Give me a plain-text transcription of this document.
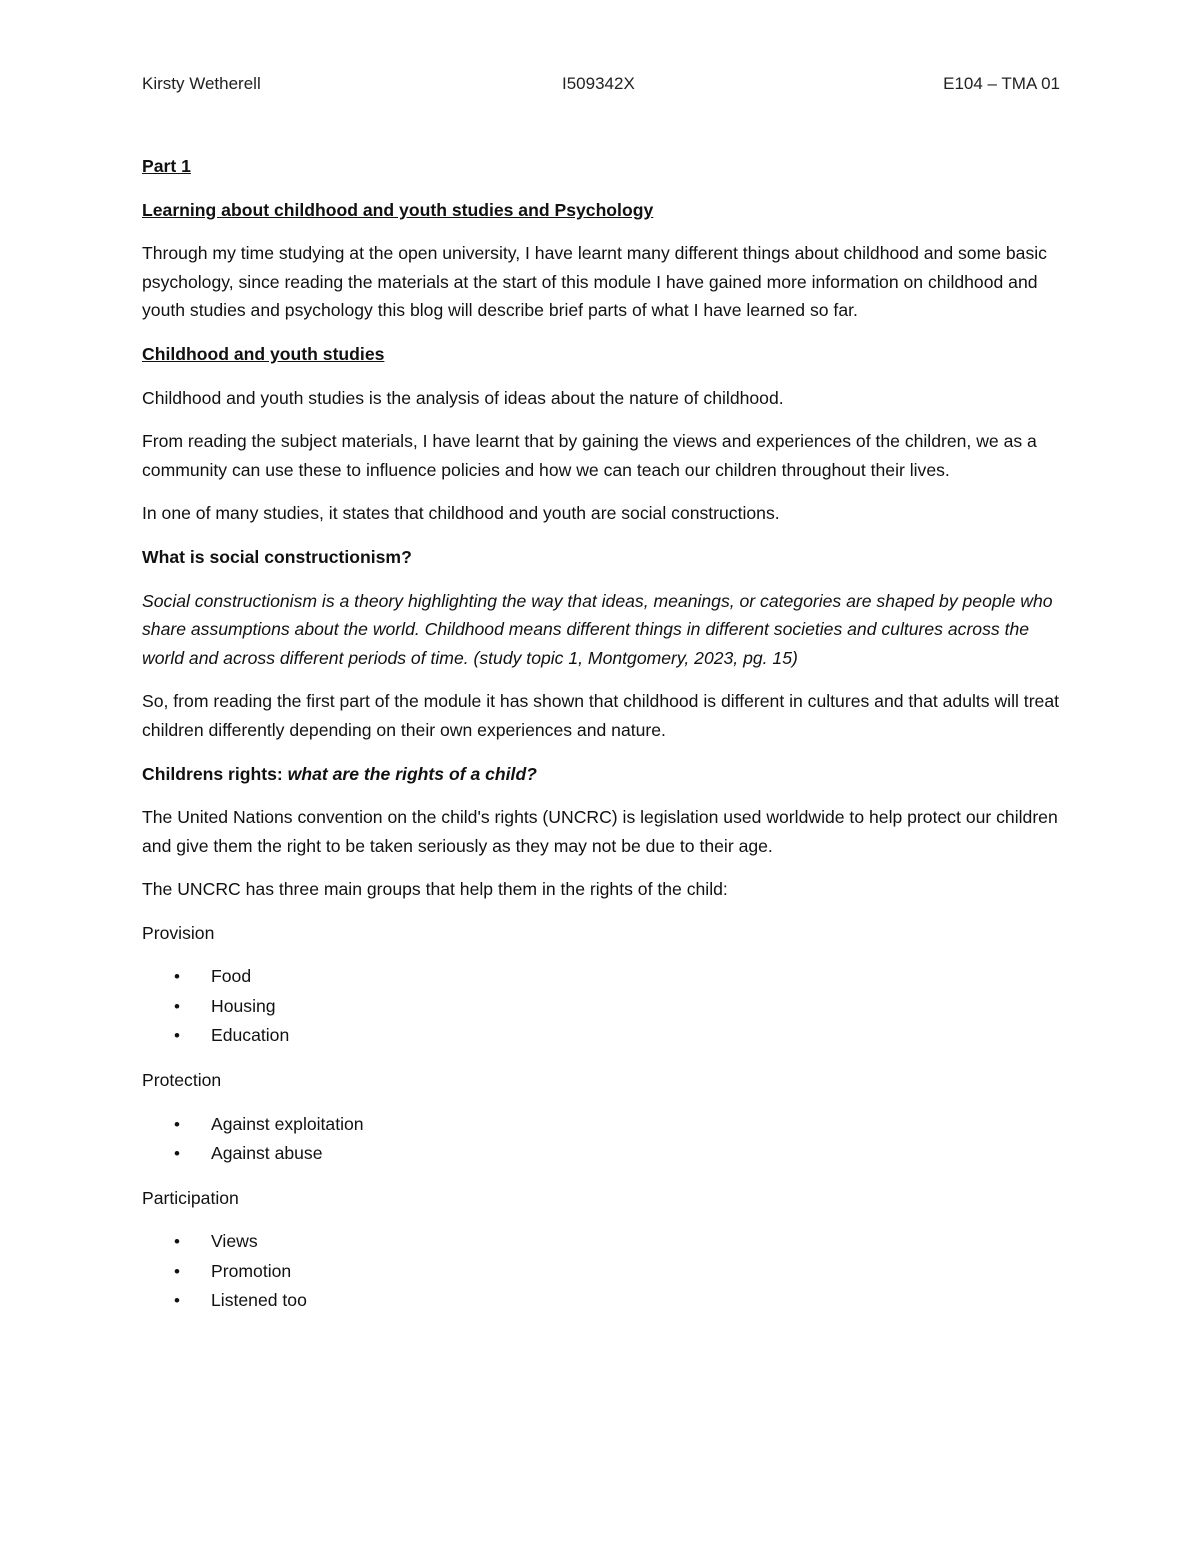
Kirsty Wetherell	I509342X	E104 – TMA 01

Part 1

Learning about childhood and youth studies and Psychology

Through my time studying at the open university, I have learnt many different things about childhood and some basic psychology, since reading the materials at the start of this module I have gained more information on childhood and youth studies and psychology this blog will describe brief parts of what I have learned so far.

Childhood and youth studies

Childhood and youth studies is the analysis of ideas about the nature of childhood.

From reading the subject materials, I have learnt that by gaining the views and experiences of the children, we as a community can use these to influence policies and how we can teach our children throughout their lives.

In one of many studies, it states that childhood and youth are social constructions.

What is social constructionism?

Social constructionism is a theory highlighting the way that ideas, meanings, or categories are shaped by people who share assumptions about the world. Childhood means different things in different societies and cultures across the world and across different periods of time. (study topic 1, Montgomery, 2023, pg. 15)

So, from reading the first part of the module it has shown that childhood is different in cultures and that adults will treat children differently depending on their own experiences and nature.

Childrens rights: what are the rights of a child?

The United Nations convention on the child's rights (UNCRC) is legislation used worldwide to help protect our children and give them the right to be taken seriously as they may not be due to their age.

The UNCRC has three main groups that help them in the rights of the child:

Provision

• Food
• Housing
• Education

Protection

• Against exploitation
• Against abuse

Participation

• Views
• Promotion
• Listened too
